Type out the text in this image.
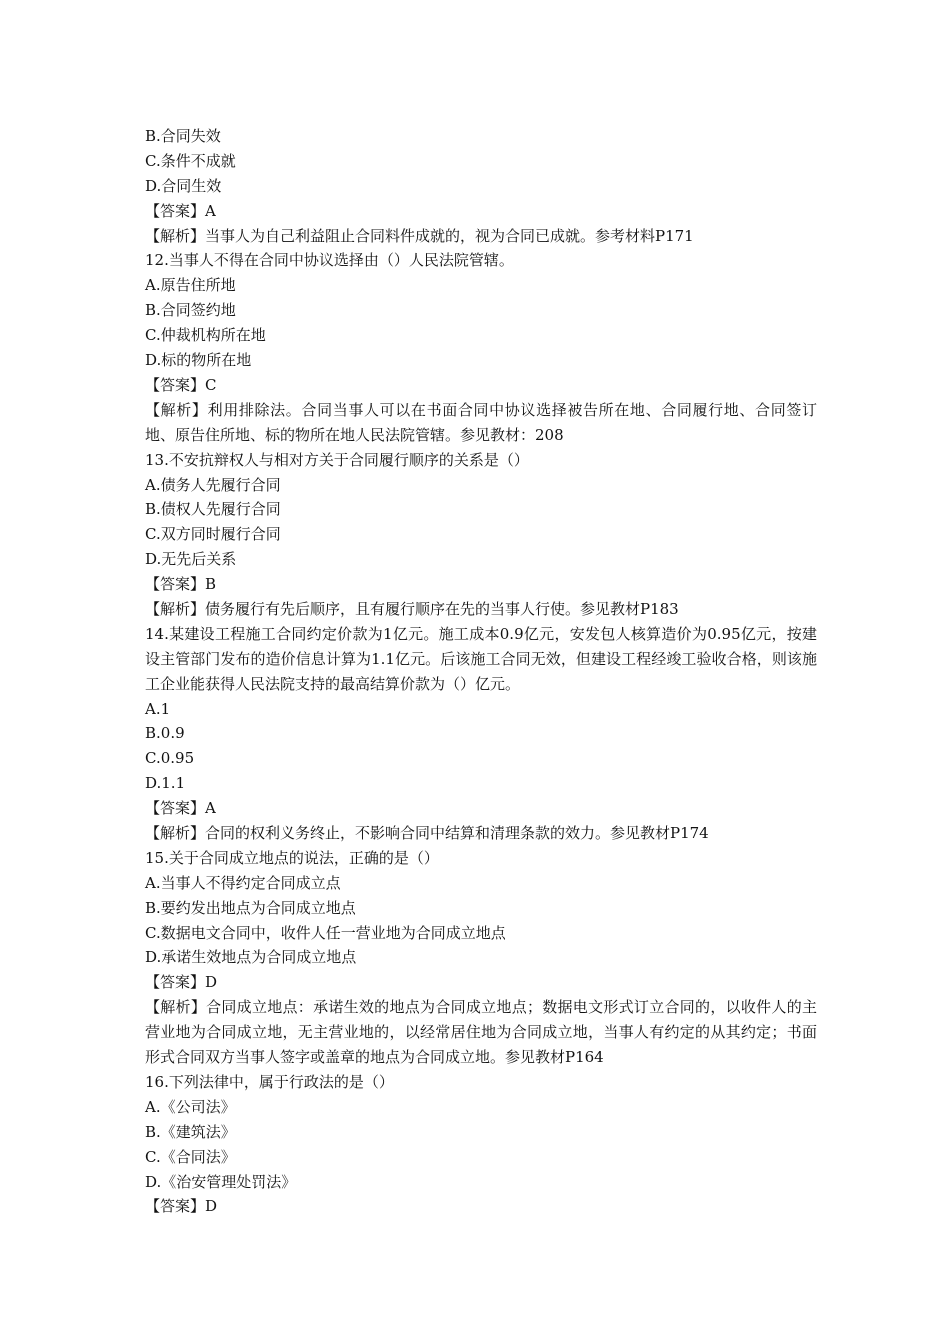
B.合同失效
C.条件不成就
D.合同生效
【答案】A
【解析】当事人为自己利益阻止合同料件成就的，视为合同已成就。参考材料P171
12.当事人不得在合同中协议选择由（）人民法院管辖。
A.原告住所地
B.合同签约地
C.仲裁机构所在地
D.标的物所在地
【答案】C
【解析】利用排除法。合同当事人可以在书面合同中协议选择被告所在地、合同履行地、合同签订地、原告住所地、标的物所在地人民法院管辖。参见教材：208
13.不安抗辩权人与相对方关于合同履行顺序的关系是（）
A.债务人先履行合同
B.债权人先履行合同
C.双方同时履行合同
D.无先后关系
【答案】B
【解析】债务履行有先后顺序，且有履行顺序在先的当事人行使。参见教材P183
14.某建设工程施工合同约定价款为1亿元。施工成本0.9亿元，安发包人核算造价为0.95亿元，按建设主管部门发布的造价信息计算为1.1亿元。后该施工合同无效，但建设工程经竣工验收合格，则该施工企业能获得人民法院支持的最高结算价款为（）亿元。
A.1
B.0.9
C.0.95
D.1.1
【答案】A
【解析】合同的权利义务终止，不影响合同中结算和清理条款的效力。参见教材P174
15.关于合同成立地点的说法，正确的是（）
A.当事人不得约定合同成立点
B.要约发出地点为合同成立地点
C.数据电文合同中，收件人任一营业地为合同成立地点
D.承诺生效地点为合同成立地点
【答案】D
【解析】合同成立地点：承诺生效的地点为合同成立地点；数据电文形式订立合同的，以收件人的主营业地为合同成立地，无主营业地的，以经常居住地为合同成立地，当事人有约定的从其约定；书面形式合同双方当事人签字或盖章的地点为合同成立地。参见教材P164
16.下列法律中，属于行政法的是（）
A.《公司法》
B.《建筑法》
C.《合同法》
D.《治安管理处罚法》
【答案】D
